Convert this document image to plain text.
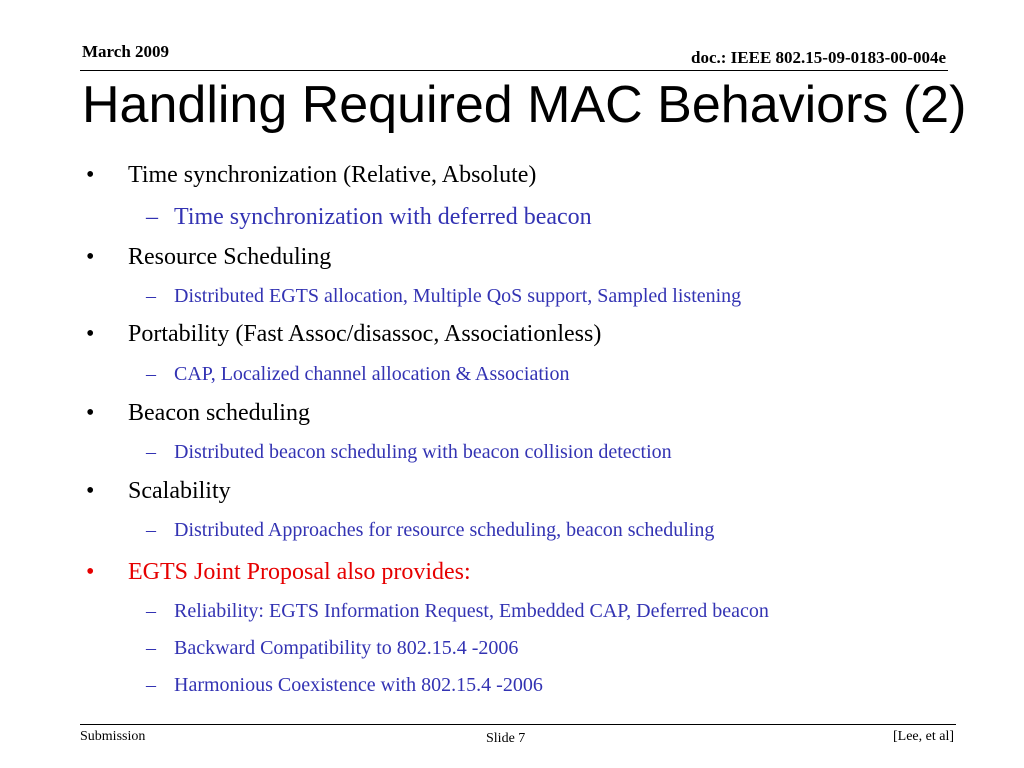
March 2009	doc.: IEEE 802.15-09-0183-00-004e
Handling Required MAC Behaviors (2)
• Time synchronization (Relative, Absolute)
– Time synchronization with deferred beacon
• Resource Scheduling
– Distributed EGTS allocation, Multiple QoS support, Sampled listening
• Portability (Fast Assoc/disassoc, Associationless)
– CAP, Localized channel allocation & Association
• Beacon scheduling
– Distributed beacon scheduling with beacon collision detection
• Scalability
– Distributed Approaches for resource scheduling, beacon scheduling
• EGTS Joint Proposal also provides:
– Reliability: EGTS Information Request, Embedded CAP, Deferred beacon
– Backward Compatibility to 802.15.4 -2006
– Harmonious Coexistence with 802.15.4 -2006
Submission	Slide 7	[Lee, et al]
